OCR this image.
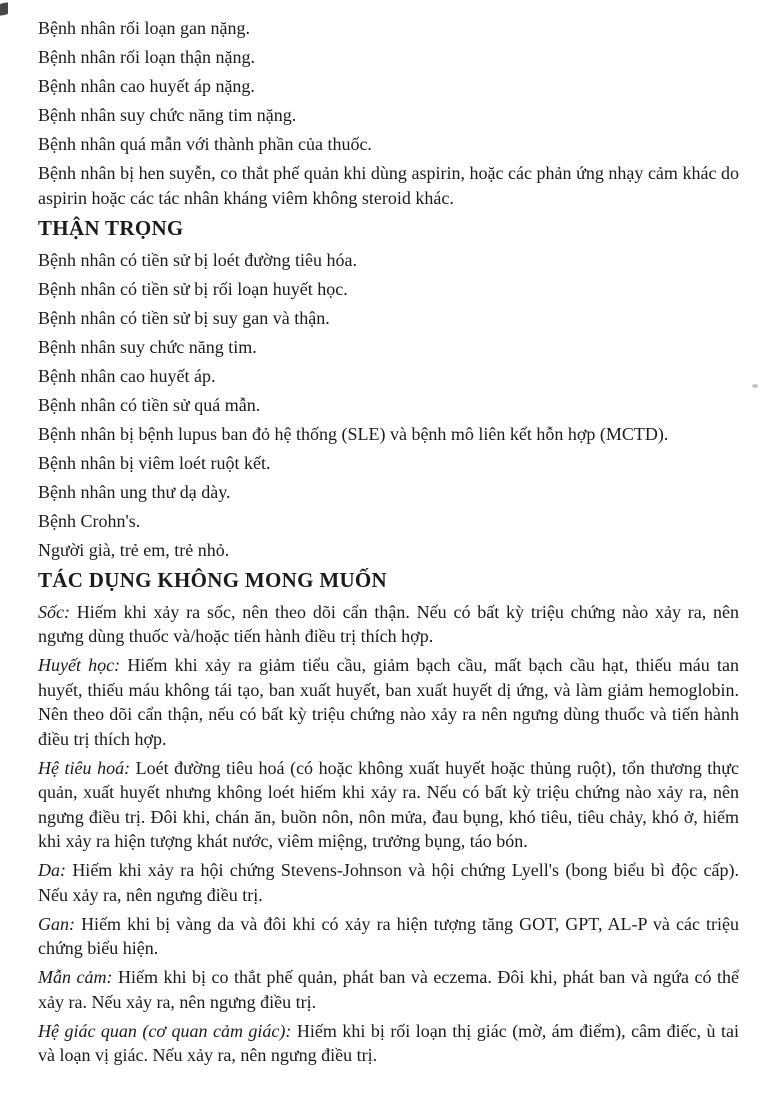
Bệnh nhân rối loạn gan nặng.

Bệnh nhân rối loạn thận nặng.

Bệnh nhân cao huyết áp nặng.

Bệnh nhân suy chức năng tim nặng.

Bệnh nhân quá mẫn với thành phần của thuốc.

Bệnh nhân bị hen suyễn, co thắt phế quản khi dùng aspirin, hoặc các phản ứng nhạy cảm khác do aspirin hoặc các tác nhân kháng viêm không steroid khác.

THẬN TRỌNG

Bệnh nhân có tiền sử bị loét đường tiêu hóa.

Bệnh nhân có tiền sử bị rối loạn huyết học.

Bệnh nhân có tiền sử bị suy gan và thận.

Bệnh nhân suy chức năng tim.

Bệnh nhân cao huyết áp.

Bệnh nhân có tiền sử quá mẫn.

Bệnh nhân bị bệnh lupus ban đỏ hệ thống (SLE) và bệnh mô liên kết hỗn hợp (MCTD).

Bệnh nhân bị viêm loét ruột kết.

Bệnh nhân ung thư dạ dày.

Bệnh Crohn's.

Người già, trẻ em, trẻ nhỏ.

TÁC DỤNG KHÔNG MONG MUỐN

Sốc: Hiếm khi xảy ra sốc, nên theo dõi cẩn thận. Nếu có bất kỳ triệu chứng nào xảy ra, nên ngưng dùng thuốc và/hoặc tiến hành điều trị thích hợp.

Huyết học: Hiếm khi xảy ra giảm tiểu cầu, giảm bạch cầu, mất bạch cầu hạt, thiếu máu tan huyết, thiếu máu không tái tạo, ban xuất huyết, ban xuất huyết dị ứng, và làm giảm hemoglobin. Nên theo dõi cẩn thận, nếu có bất kỳ triệu chứng nào xảy ra nên ngưng dùng thuốc và tiến hành điều trị thích hợp.

Hệ tiêu hoá: Loét đường tiêu hoá (có hoặc không xuất huyết hoặc thủng ruột), tổn thương thực quản, xuất huyết nhưng không loét hiếm khi xảy ra. Nếu có bất kỳ triệu chứng nào xảy ra, nên ngưng điều trị. Đôi khi, chán ăn, buồn nôn, nôn mửa, đau bụng, khó tiêu, tiêu chảy, khó ở, hiếm khi xảy ra hiện tượng khát nước, viêm miệng, trưởng bụng, táo bón.

Da: Hiếm khi xảy ra hội chứng Stevens-Johnson và hội chứng Lyell's (bong biểu bì độc cấp). Nếu xảy ra, nên ngưng điều trị.

Gan: Hiếm khi bị vàng da và đôi khi có xảy ra hiện tượng tăng GOT, GPT, AL-P và các triệu chứng biểu hiện.

Mẫn cảm: Hiếm khi bị co thắt phế quản, phát ban và eczema. Đôi khi, phát ban và ngứa có thể xảy ra. Nếu xảy ra, nên ngưng điều trị.

Hệ giác quan (cơ quan cảm giác): Hiếm khi bị rối loạn thị giác (mờ, ám điểm), câm điếc, ù tai và loạn vị giác. Nếu xảy ra, nên ngưng điều trị.
